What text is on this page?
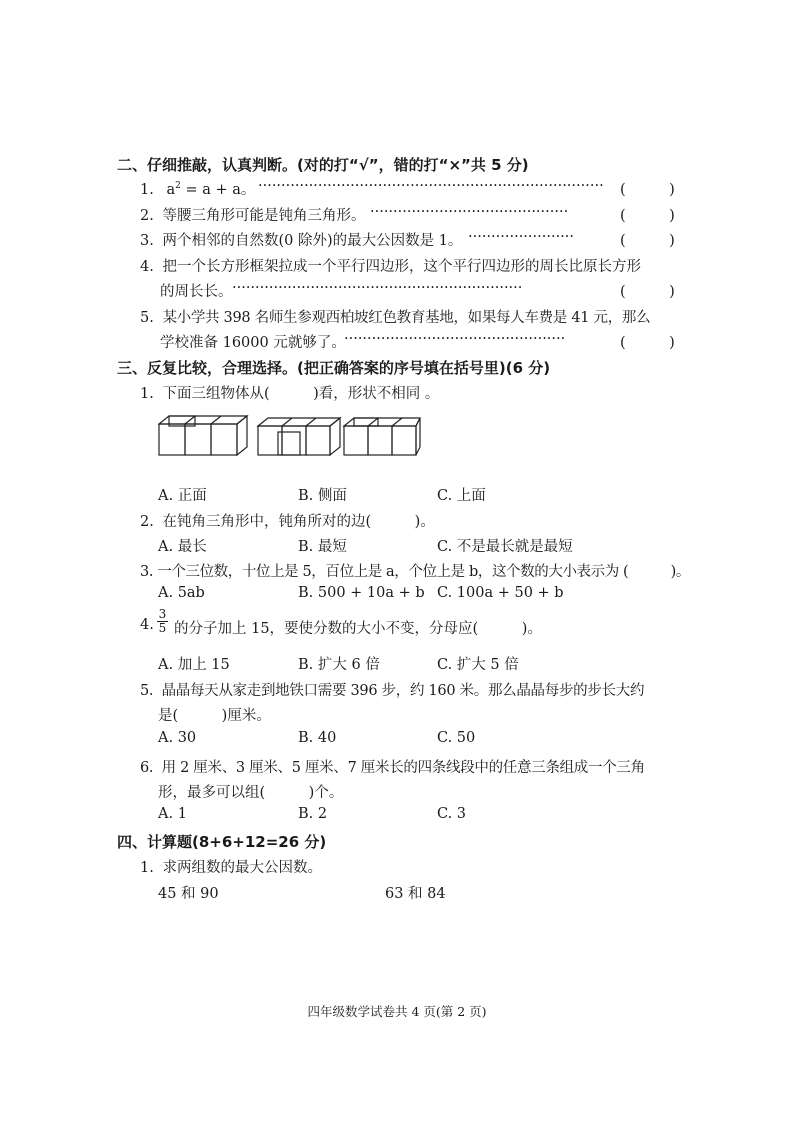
二、仔细推敲，认真判断。(对的打“√”，错的打“×”共 5 分)
1. $a^2 = a + a$。 ···········································································	(　　　)
2. 等腰三角形可能是钝角三角形。 ···········································	(　　　)
3. 两个相邻的自然数(0 除外)的最大公因数是 1。 ·······················	(　　　)
4. 把一个长方形框架拉成一个平行四边形，这个平行四边形的周长比原长方形
的周长长。 ·······························································	(　　　)
5. 某小学共 398 名师生参观西柏坡红色教育基地，如果每人车费是 41 元，那么
学校准备 16000 元就够了。
················································	(　　　)
三、反复比较，合理选择。(把正确答案的序号填在括号里)(6 分)
1. 下面三组物体从(　　　)看，形状不相同 。
A. 正面	B. 侧面	C. 上面
2. 在钝角三角形中，钝角所对的边(　　　)。
A. 最长	B. 最短	C. 不是最长就是最短
3. 一个三位数，十位上是 5，百位上是 a，个位上是 b，这个数的大小表示为 (　　　)。
A. 5ab	B. 500 + 10a + b C. 100a + 50 + b
4.
3
5 的分子加上 15，要使分数的大小不变，分母应(　　　)。
A. 加上 15	B. 扩大 6 倍	C. 扩大 5 倍
5. 晶晶每天从家走到地铁口需要 396 步，约 160 米。那么晶晶每步的步长大约
是(　　　)厘米。
A. 30	B. 40	C. 50
6. 用 2 厘米、3 厘米、5 厘米、7 厘米长的四条线段中的任意三条组成一个三角
形，最多可以组(　　　)个。
A. 1	B. 2	C. 3
四、计算题(8+6+12=26 分)
1. 求两组数的最大公因数。
45 和 90	63 和 84
四年级数学试卷共 4 页(第 2 页)
